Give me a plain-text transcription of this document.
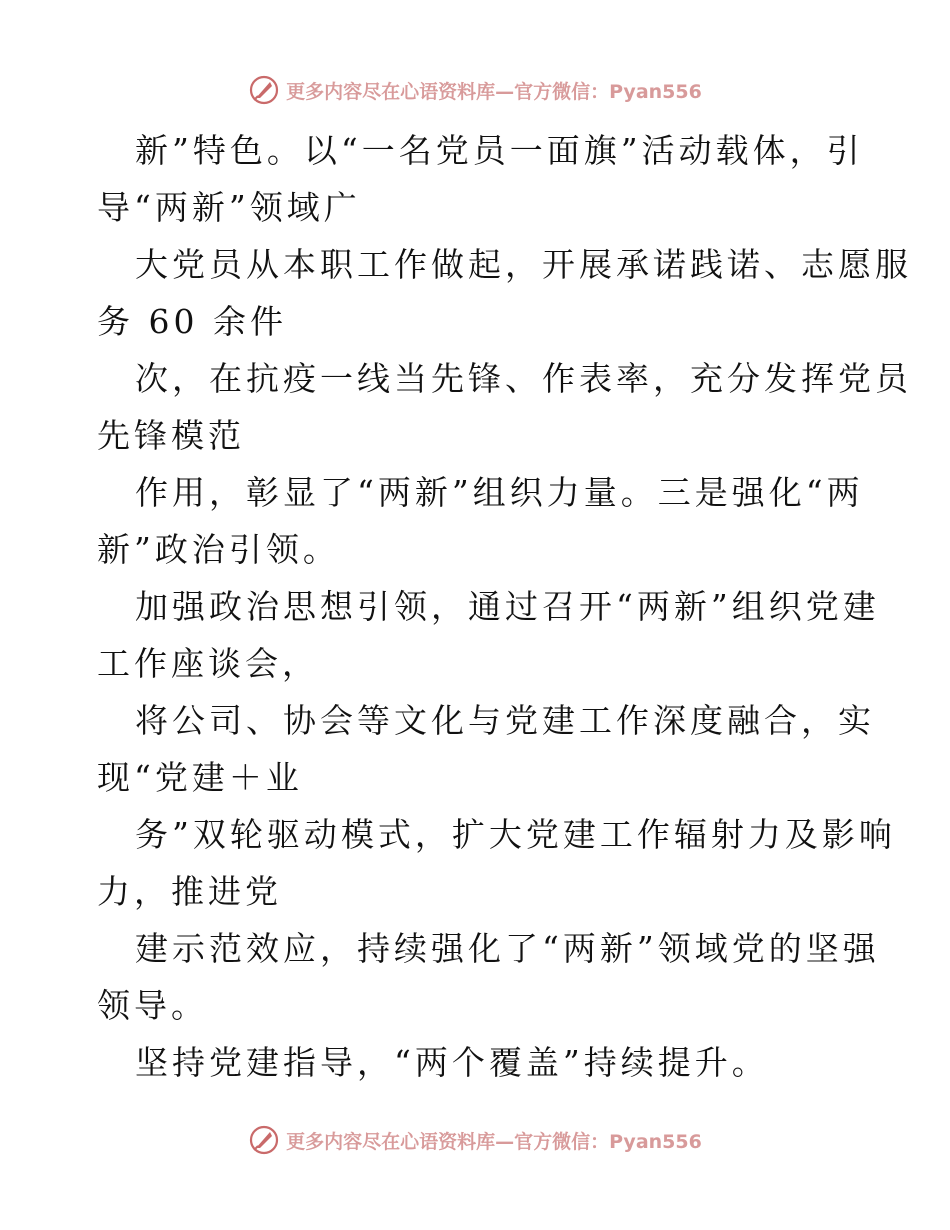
更多内容尽在心语资料库—官方微信：Pyan556
新”特色。以“一名党员一面旗”活动载体，引
导“两新”领域广
大党员从本职工作做起，开展承诺践诺、志愿服
务 60 余件
次，在抗疫一线当先锋、作表率，充分发挥党员
先锋模范
作用，彰显了“两新”组织力量。三是强化“两
新”政治引领。
加强政治思想引领，通过召开“两新”组织党建
工作座谈会，
将公司、协会等文化与党建工作深度融合，实
现“党建＋业
务”双轮驱动模式，扩大党建工作辐射力及影响
力，推进党
建示范效应，持续强化了“两新”领域党的坚强
领导。
坚持党建指导，“两个覆盖”持续提升。
更多内容尽在心语资料库—官方微信：Pyan556
